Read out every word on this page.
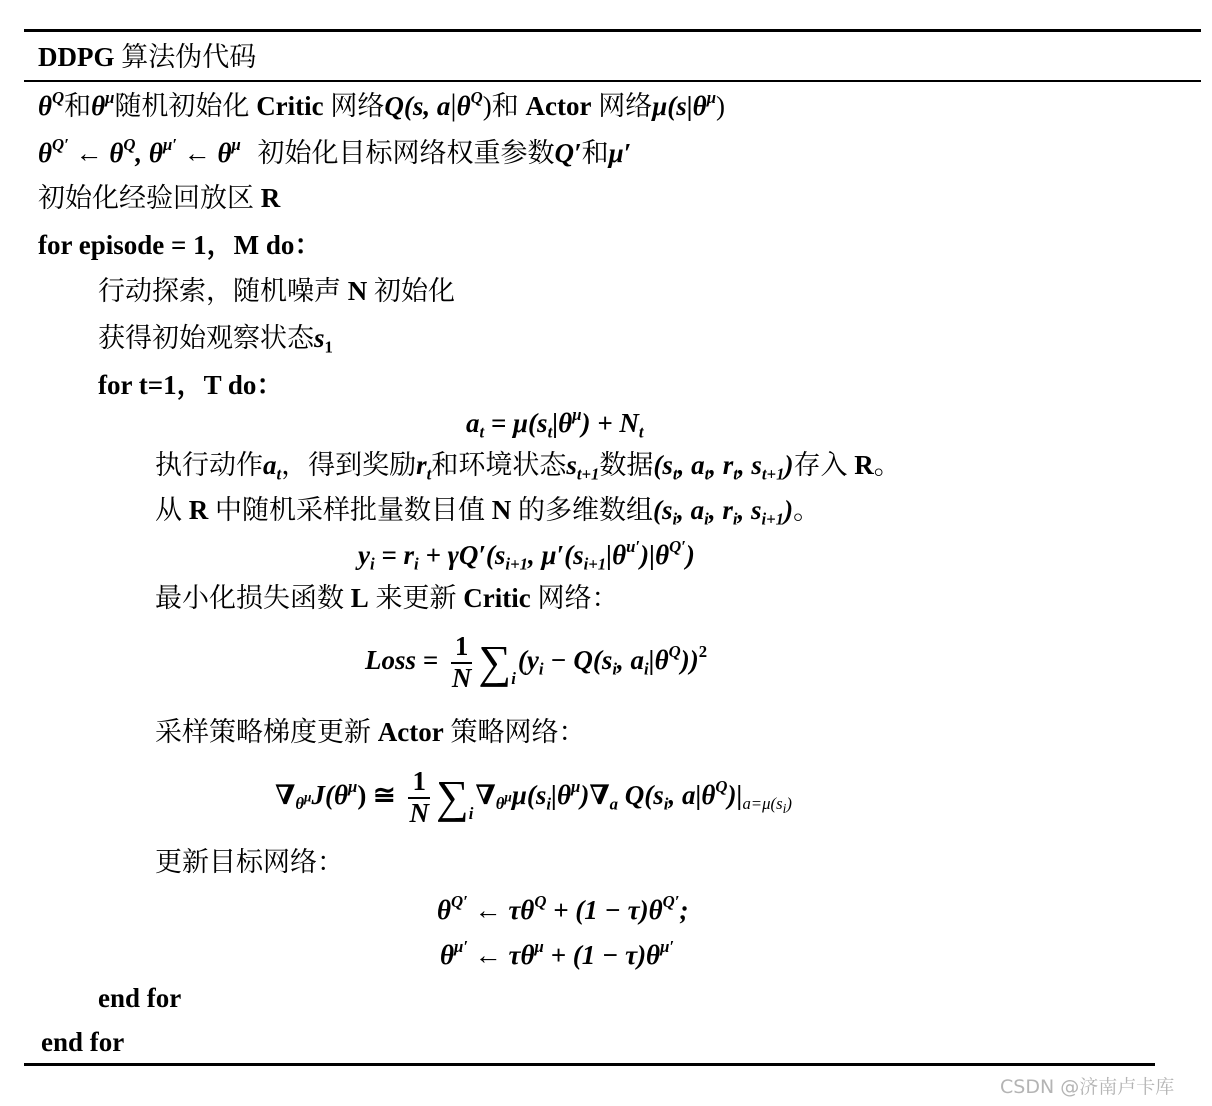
DDPG 算法伪代码
$\theta^Q$和$\theta^\mu$随机初始化 Critic 网络Q(s, $a|\theta^Q$)和 Actor 网络$\mu(s|\theta^\mu)$
$\theta^{Q'}$ ← $\theta^Q$, $\theta^{\mu'}$ ← $\theta^\mu$ 初始化目标网络权重参数Q′和μ′
初始化经验回放区 R
for episode = 1，M do：
行动探索，随机噪声 N 初始化
获得初始观察状态s1
for t=1，T do：
at = $\mu(st|\theta^\mu) + Nt$
执行动作at，得到奖励rt和环境状态st+1数据(st, at, rt, st+1)存入 R。
从 R 中随机采样批量数目值 N 的多维数组(si, ai, ri, si+1)。
yi = ri + γQ′(si+1, $\mu'(si+1|\theta^{u'})|\theta^{Q'}$)
最小化损失函数 L 来更新 Critic 网络：
Loss = $\frac{1}{N} \sum_i(yi - Q(si$, $ai|\theta^Q))^2$
采样策略梯度更新 Actor 策略网络：
$\nabla\theta^\mu J(\theta^\mu)$ ≅ $\frac{1}{N} \sum_i\nabla\theta^\mu\mu(si|\theta^\mu)\nabla a$ Q(si, $a|\theta^Q)|a=\mu(s_i)$
更新目标网络：
$\theta^{Q'}$ ← $\tau\theta^Q + (1 - \tau)\theta^{Q'}$;
$\theta^{\mu'}$ ← $\tau\theta^\mu + (1 - \tau)\theta^{\mu'}$
end for
end for
CSDN @济南卢卡库
